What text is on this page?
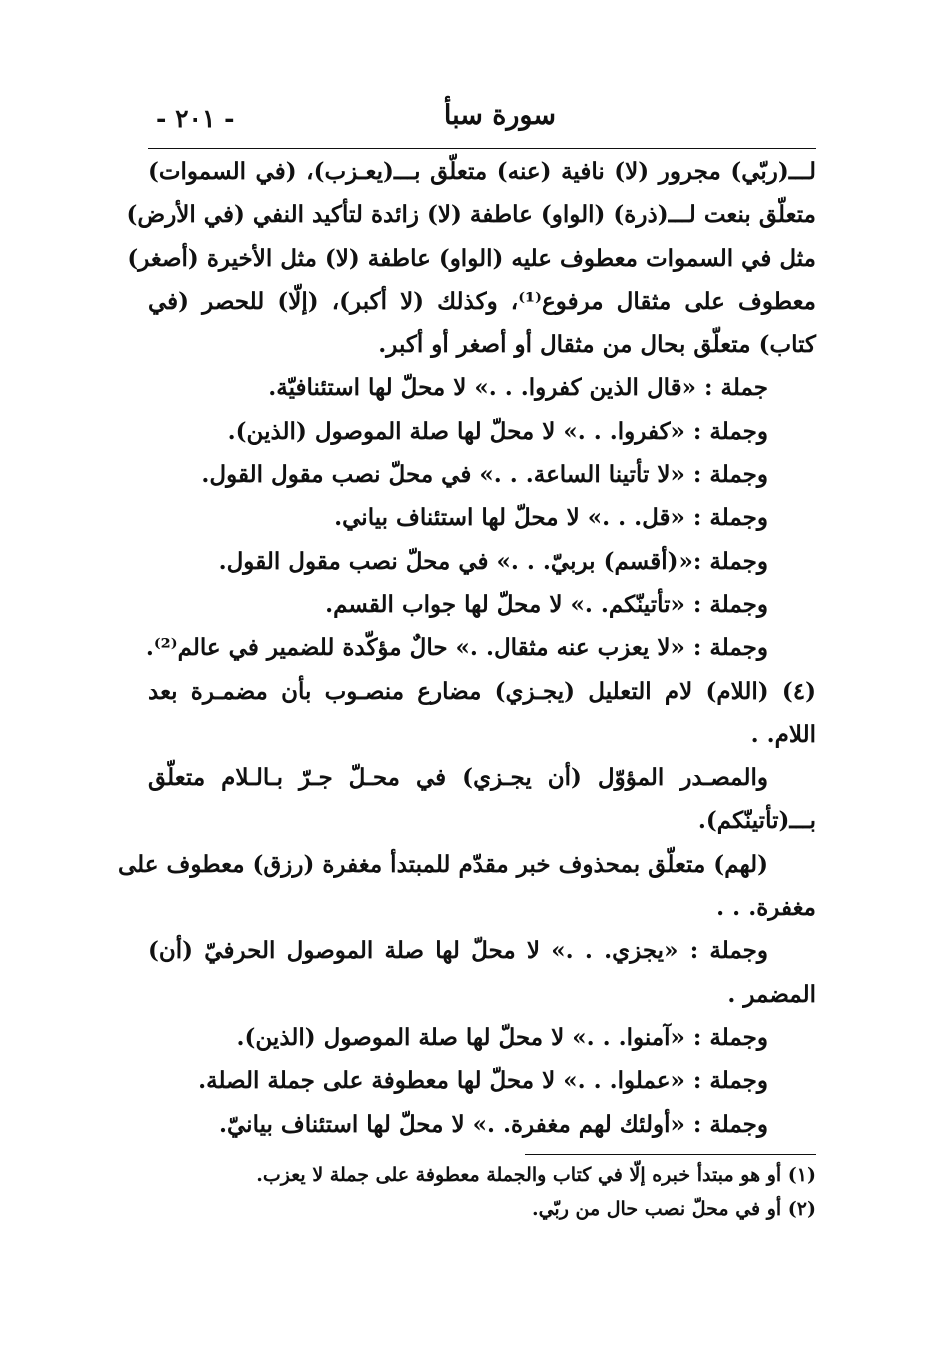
سورة سبأ
- ٢٠١ -
لـــ(ربّي) مجرور (لا) نافية (عنه) متعلّق بـــ(يعـزب)، (في السموات)
متعلّق بنعت لـــ(ذرة) (الواو) عاطفة (لا) زائدة لتأكيد النفي (في الأرض)
مثل في السموات معطوف عليه (الواو) عاطفة (لا) مثل الأخيرة (أصغر)
معطوف على مثقال مرفوع⁽¹⁾، وكذلك (لا أكبر)، (إلّا) للحصر (في
كتاب) متعلّق بحال من مثقال أو أصغر أو أكبر.
جملة : «قال الذين كفروا. . .» لا محلّ لها استئنافيّة.
وجملة : «كفروا. . .» لا محلّ لها صلة الموصول (الذين).
وجملة : «لا تأتينا الساعة. . .» في محلّ نصب مقول القول.
وجملة : «قل. . .» لا محلّ لها استئناف بياني.
وجملة :«(أقسم) بربيّ. . .» في محلّ نصب مقول القول.
وجملة : «تأتينّكم. .» لا محلّ لها جواب القسم.
وجملة : «لا يعزب عنه مثقال. .» حالٌ مؤكّدة للضمير في عالم⁽²⁾.
(٤) (اللام) لام التعليل (يجـزي) مضارع منصـوب بأن مضمـرة بعد
اللام. .
والمصـدر المؤوّل (أن يجـزي) في محـلّ جـرّ بـالـلام متعلّق
بـــ(تأتينّكم).
(لهم) متعلّق بمحذوف خبر مقدّم للمبتدأ مغفرة (رزق) معطوف على
مغفرة. . .
وجملة : «يجزي. . .» لا محلّ لها صلة الموصول الحرفيّ (أن)
المضمر .
وجملة : «آمنوا. . .» لا محلّ لها صلة الموصول (الذين).
وجملة : «عملوا. . .» لا محلّ لها معطوفة على جملة الصلة.
وجملة : «أولئك لهم مغفرة. .» لا محلّ لها استئناف بيانيّ.
(١) أو هو مبتدأ خبره إلّا في كتاب والجملة معطوفة على جملة لا يعزب.
(٢) أو في محلّ نصب حال من ربّي.
